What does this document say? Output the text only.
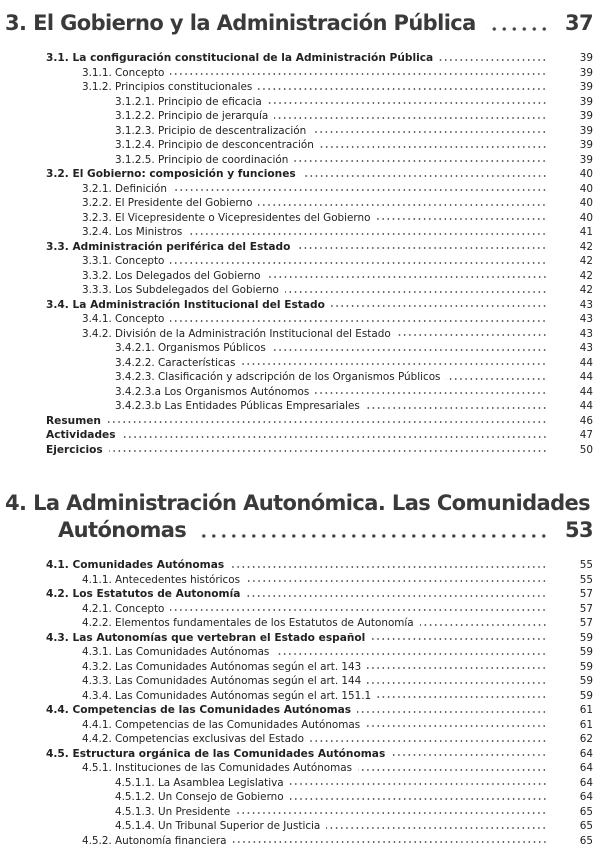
3. El Gobierno y la Administración Pública	37
3.1. La configuración constitucional de la Administración Pública	39
3.1.1. Concepto	39
3.1.2. Principios constitucionales	39
3.1.2.1. Principio de eficacia	39
3.1.2.2. Principio de jerarquía	39
3.1.2.3. Pricipio de descentralización	39
3.1.2.4. Principio de desconcentración	39
3.1.2.5. Principio de coordinación	39
3.2. El Gobierno: composición y funciones	40
3.2.1. Definición	40
3.2.2. El Presidente del Gobierno	40
3.2.3. El Vicepresidente o Vicepresidentes del Gobierno	40
3.2.4. Los Ministros	41
3.3. Administración periférica del Estado	42
3.3.1. Concepto	42
3.3.2. Los Delegados del Gobierno	42
3.3.3. Los Subdelegados del Gobierno	42
3.4. La Administración Institucional del Estado	43
3.4.1. Concepto	43
3.4.2. División de la Administración Institucional del Estado	43
3.4.2.1. Organismos Públicos	43
3.4.2.2. Características	44
3.4.2.3. Clasificación y adscripción de los Organismos Públicos	44
3.4.2.3.a Los Organismos Autónomos	44
3.4.2.3.b Las Entidades Públicas Empresariales	44
Resumen	46
Actividades	47
Ejercicios	50
4. La Administración Autonómica. Las Comunidades
Autónomas	53
4.1. Comunidades Autónomas	55
4.1.1. Antecedentes históricos	55
4.2. Los Estatutos de Autonomía	57
4.2.1. Concepto	57
4.2.2. Elementos fundamentales de los Estatutos de Autonomía	57
4.3. Las Autonomías que vertebran el Estado español	59
4.3.1. Las Comunidades Autónomas	59
4.3.2. Las Comunidades Autónomas según el art. 143	59
4.3.3. Las Comunidades Autónomas según el art. 144	59
4.3.4. Las Comunidades Autónomas según el art. 151.1	59
4.4. Competencias de las Comunidades Autónomas	61
4.4.1. Competencias de las Comunidades Autónomas	61
4.4.2. Competencias exclusivas del Estado	62
4.5. Estructura orgánica de las Comunidades Autónomas	64
4.5.1. Instituciones de las Comunidades Autónomas	64
4.5.1.1. La Asamblea Legislativa	64
4.5.1.2. Un Consejo de Gobierno	64
4.5.1.3. Un Presidente	65
4.5.1.4. Un Tribunal Superior de Justicia	65
4.5.2. Autonomía financiera	65
